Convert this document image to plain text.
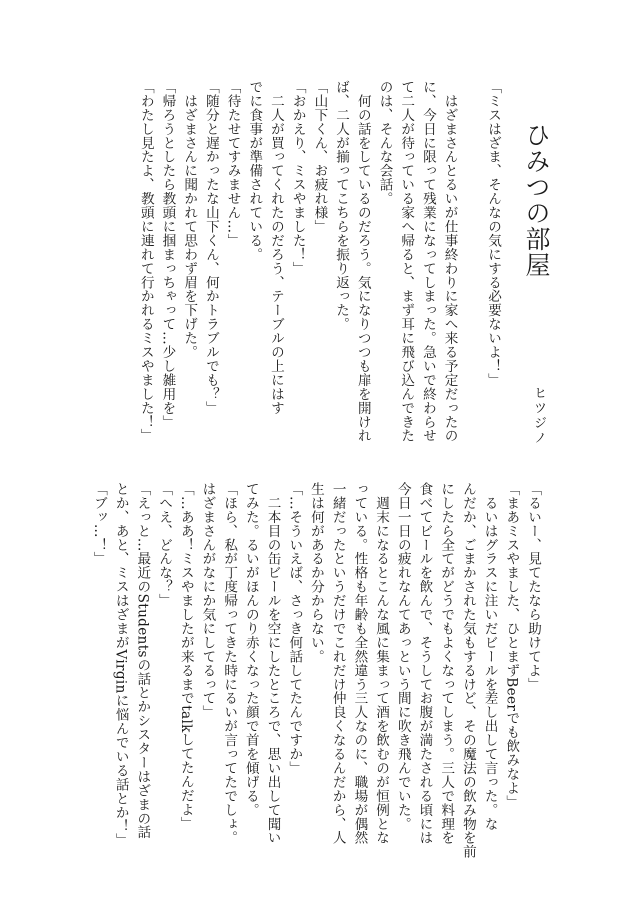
ひみつの部屋
ヒツジノ
「ミスはざま、そんなの気にする必要ないよ！」
　はざまさんとるいが仕事終わりに家へ来る予定だったの
に、今日に限って残業になってしまった。急いで終わらせ
て二人が待っている家へ帰ると、まず耳に飛び込んできた
のは、そんな会話。
　何の話をしているのだろう。気になりつつも扉を開けれ
ば、二人が揃ってこちらを振り返った。
「山下くん、お疲れ様」
「おかえり、ミスやました！」
　二人が買ってくれたのだろう、テーブルの上にはす
でに食事が準備されている。
「待たせてすみません…」
「随分と遅かったな山下くん、何かトラブルでも？」
　はざまさんに聞かれて思わず眉を下げた。
「帰ろうとしたら教頭に掴まっちゃって…少し雑用を」
「わたし見たよ、教頭に連れて行かれるミスやました！」
「るいー、見てたなら助けてよ」
「まあミスやました、ひとまずBeerでも飲みなよ」
　るいはグラスに注いだビールを差し出して言った。な
んだか、ごまかされた気もするけど、その魔法の飲み物を前
にしたら全てがどうでもよくなってしまう。三人で料理を
食べてビールを飲んで、そうしてお腹が満たされる頃には
今日一日の疲れなんてあっという間に吹き飛んでいた。
　週末になるとこんな風に集まって酒を飲むのが恒例とな
っている。性格も年齢も全然違う三人なのに、職場が偶然
一緒だったというだけでこれだけ仲良くなるんだから、人
生は何があるか分からない。
「…そういえば、さっき何話してたんですか」
　二本目の缶ビールを空にしたところで、思い出して聞い
てみた。るいがほんのり赤くなった顔で首を傾げる。
「ほら、私が丁度帰ってきた時にるいが言ってたでしょ。
はざまさんがなにか気にしてるって」
「…ああ！ミスやましたが来るまでtalkしてたんだよ」
「へえ、どんな？」
「えっと…最近のStudentsの話とかシスターはざまの話
とか、あと、ミスはざまがVirginに悩んでいる話とか！」
「ブッ…！」
